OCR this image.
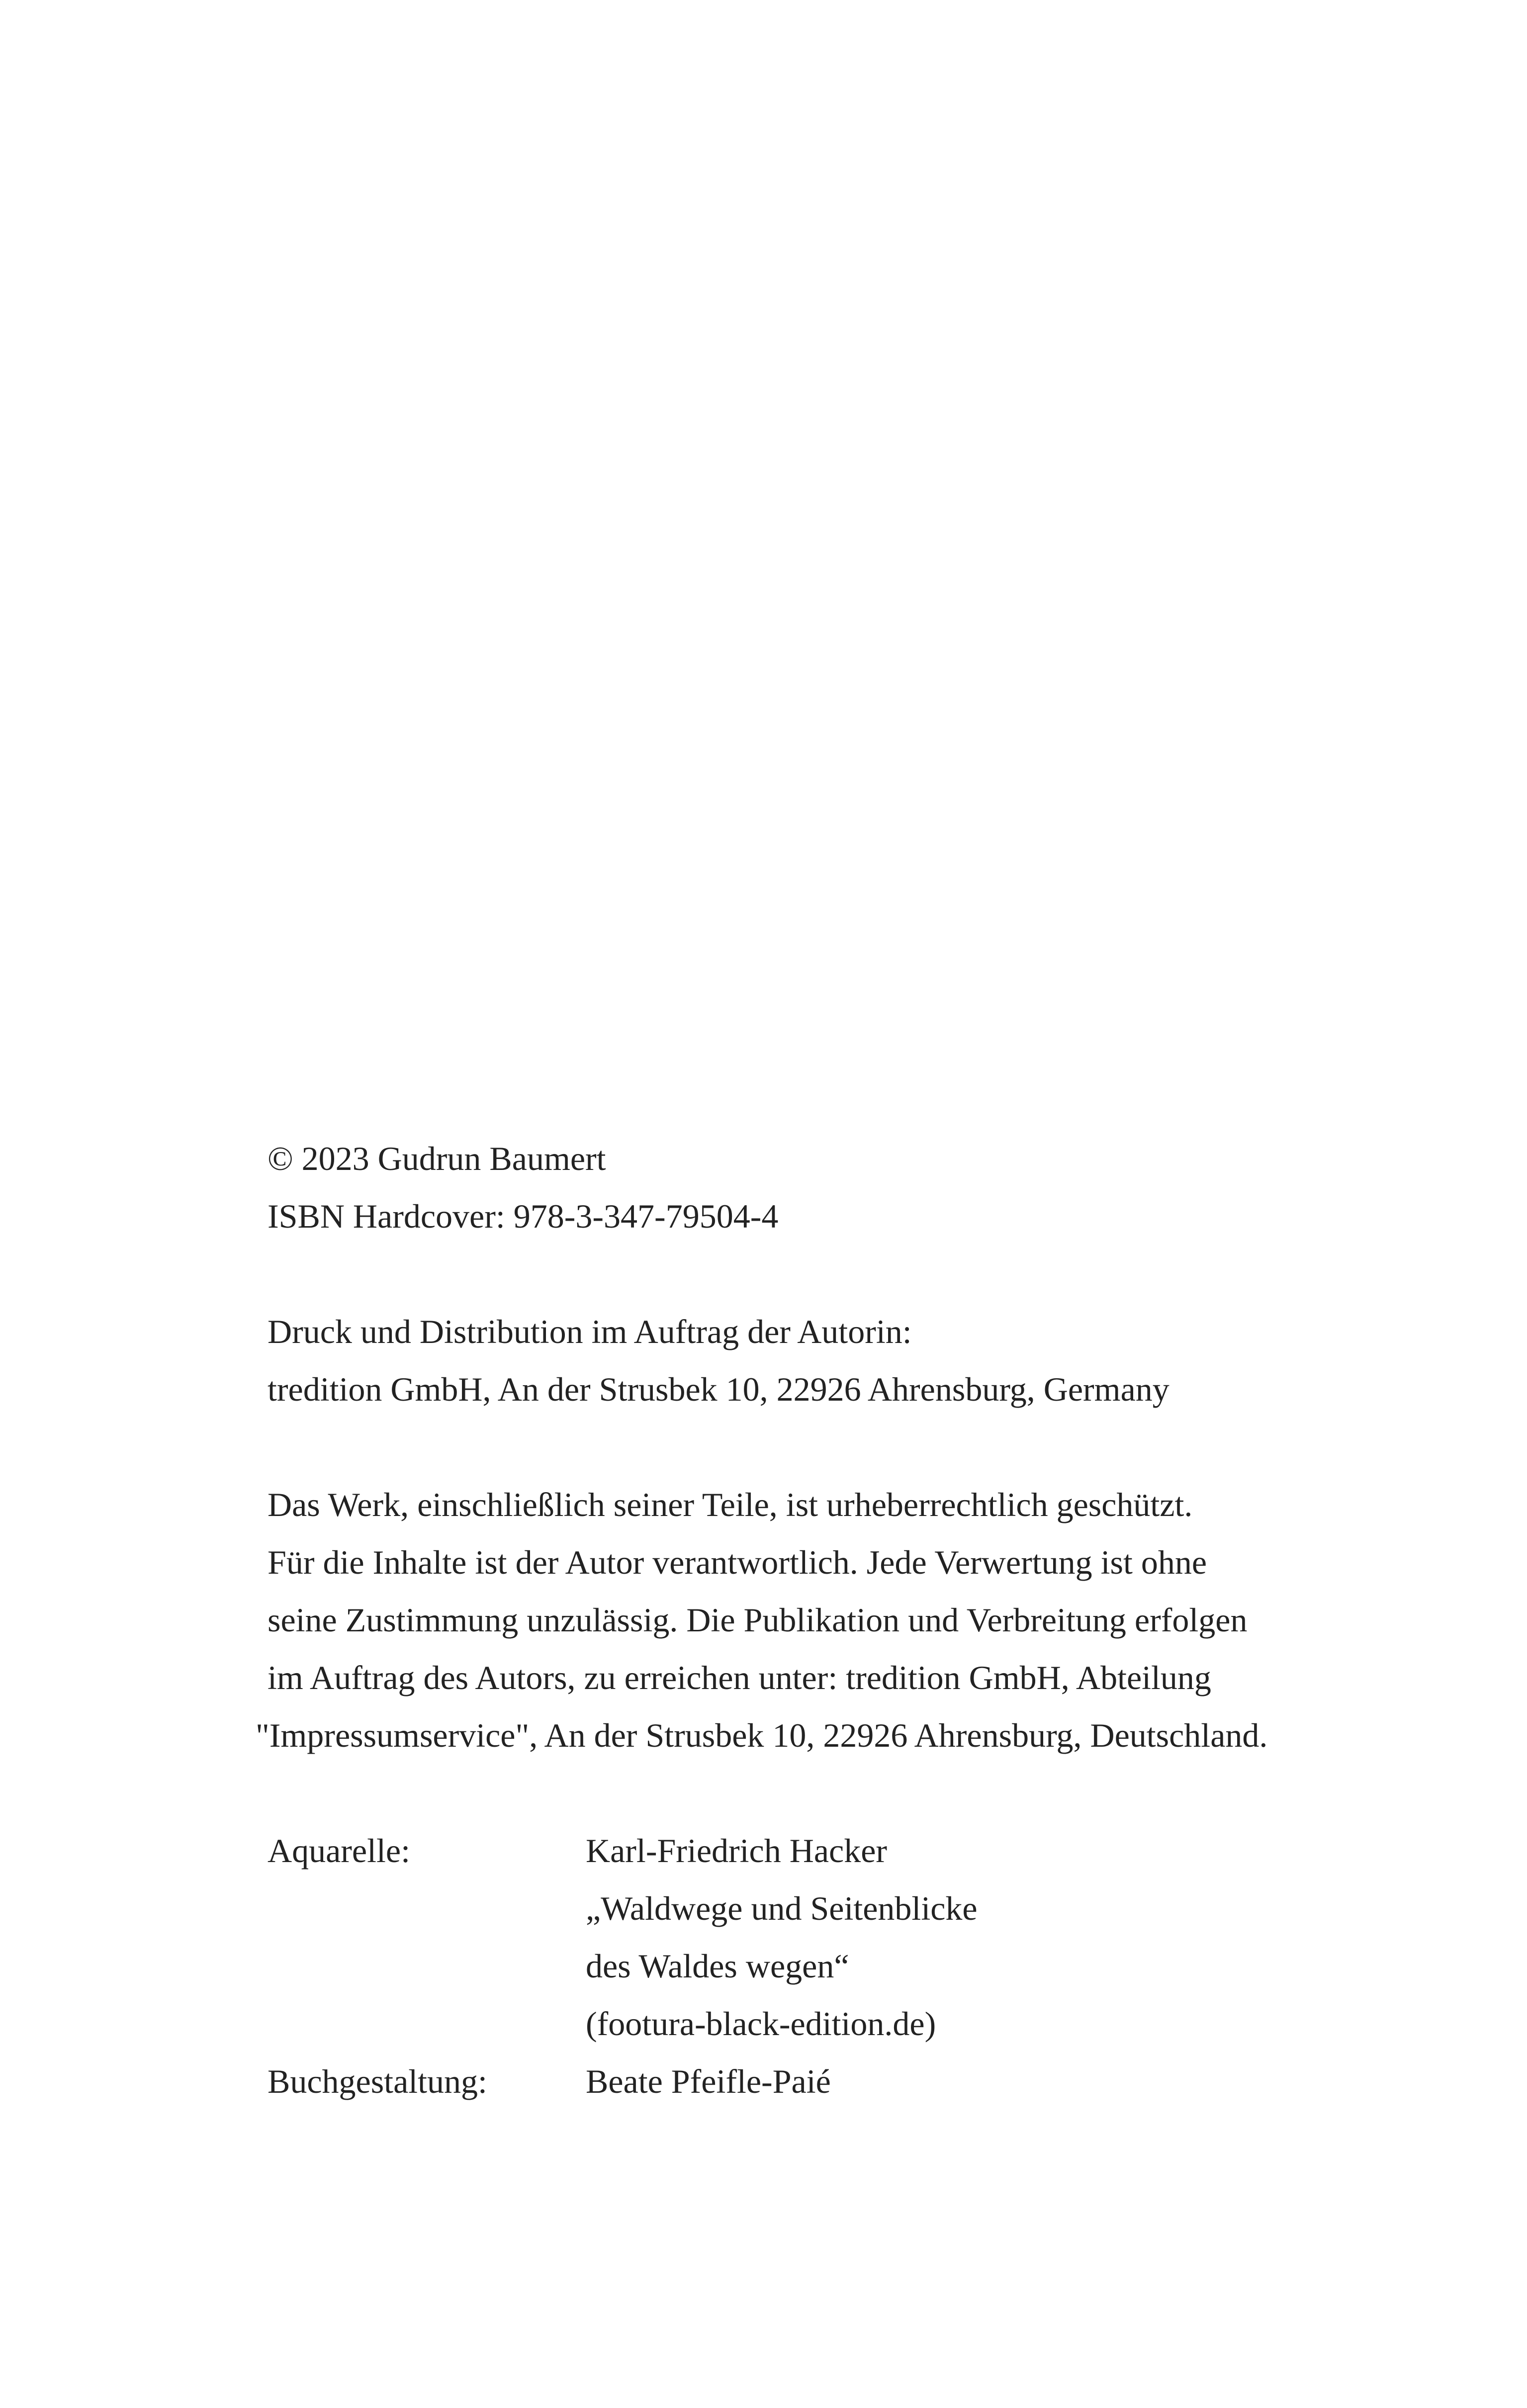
© 2023 Gudrun Baumert
ISBN Hardcover: 978-3-347-79504-4
Druck und Distribution im Auftrag der Autorin:
tredition GmbH, An der Strusbek 10, 22926 Ahrensburg, Germany
Das Werk, einschließlich seiner Teile, ist urheberrechtlich geschützt.
Für die Inhalte ist der Autor verantwortlich. Jede Verwertung ist ohne
seine Zustimmung unzulässig. Die Publikation und Verbreitung erfolgen
im Auftrag des Autors, zu erreichen unter: tredition GmbH, Abteilung
"Impressumservice", An der Strusbek 10, 22926 Ahrensburg, Deutschland.
Aquarelle:	Karl-Friedrich Hacker
„Waldwege und Seitenblicke
des Waldes wegen“
(footura-black-edition.de)
Buchgestaltung:	Beate Pfeifle-Paié
